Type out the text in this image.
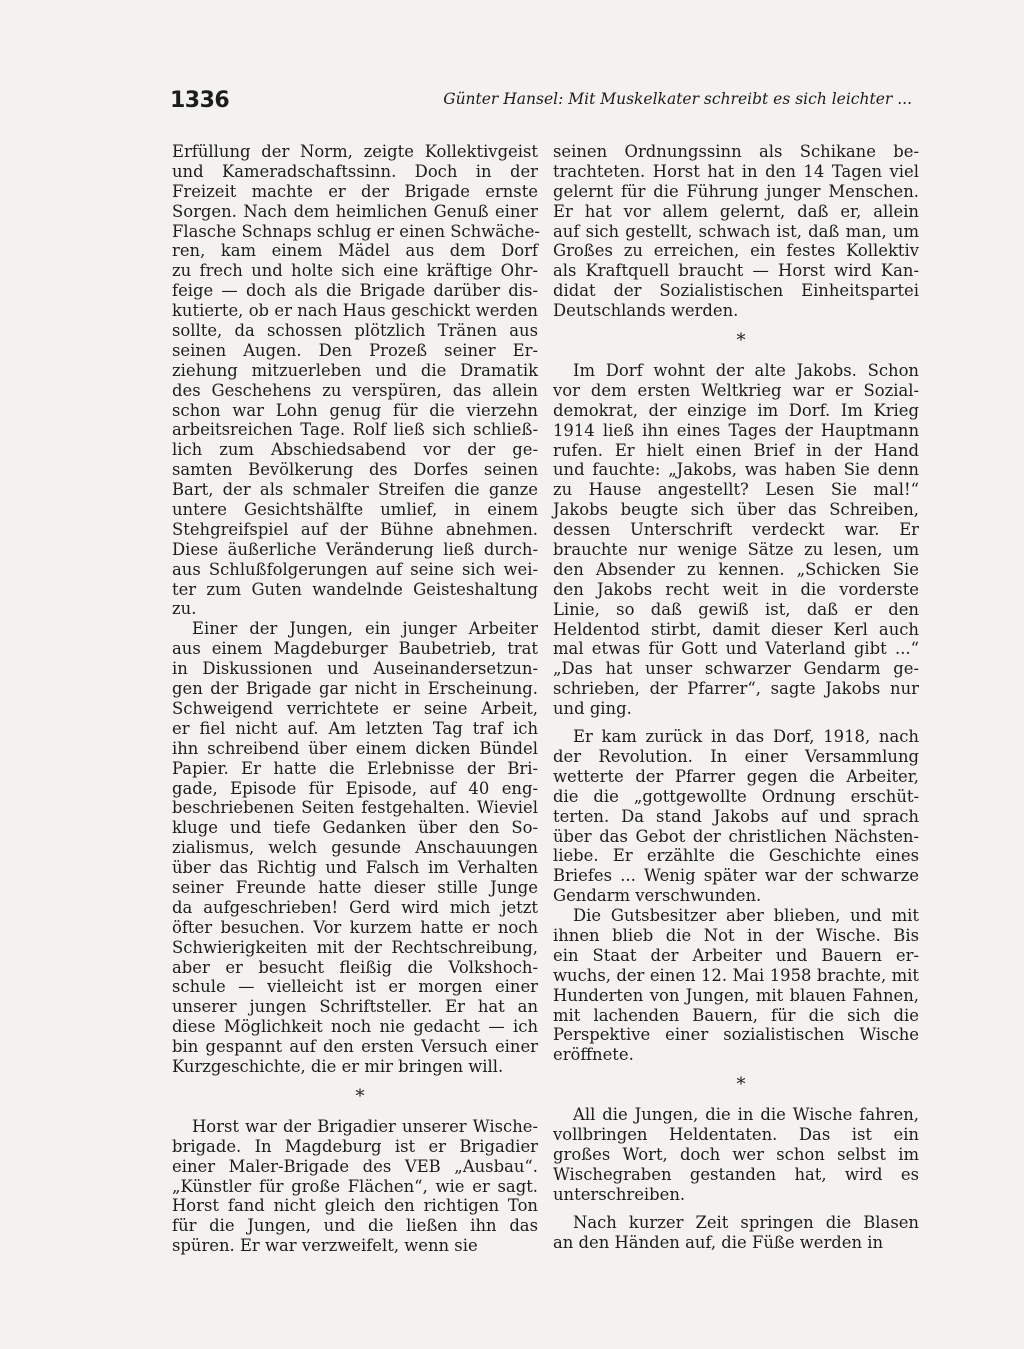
1336	Günter Hansel: Mit Muskelkater schreibt es sich leichter ...

Erfüllung der Norm, zeigte Kollektivgeist
und Kameradschaftssinn. Doch in der
Freizeit machte er der Brigade ernste
Sorgen. Nach dem heimlichen Genuß einer
Flasche Schnaps schlug er einen Schwäche-
ren, kam einem Mädel aus dem Dorf
zu frech und holte sich eine kräftige Ohr-
feige — doch als die Brigade darüber dis-
kutierte, ob er nach Haus geschickt werden
sollte, da schossen plötzlich Tränen aus
seinen Augen. Den Prozeß seiner Er-
ziehung mitzuerleben und die Dramatik
des Geschehens zu verspüren, das allein
schon war Lohn genug für die vierzehn
arbeitsreichen Tage. Rolf ließ sich schließ-
lich zum Abschiedsabend vor der ge-
samten Bevölkerung des Dorfes seinen
Bart, der als schmaler Streifen die ganze
untere Gesichtshälfte umlief, in einem
Stehgreifspiel auf der Bühne abnehmen.
Diese äußerliche Veränderung ließ durch-
aus Schlußfolgerungen auf seine sich wei-
ter zum Guten wandelnde Geisteshaltung
zu.

Einer der Jungen, ein junger Arbeiter
aus einem Magdeburger Baubetrieb, trat
in Diskussionen und Auseinandersetzun-
gen der Brigade gar nicht in Erscheinung.
Schweigend verrichtete er seine Arbeit,
er fiel nicht auf. Am letzten Tag traf ich
ihn schreibend über einem dicken Bündel
Papier. Er hatte die Erlebnisse der Bri-
gade, Episode für Episode, auf 40 eng-
beschriebenen Seiten festgehalten. Wieviel
kluge und tiefe Gedanken über den So-
zialismus, welch gesunde Anschauungen
über das Richtig und Falsch im Verhalten
seiner Freunde hatte dieser stille Junge
da aufgeschrieben! Gerd wird mich jetzt
öfter besuchen. Vor kurzem hatte er noch
Schwierigkeiten mit der Rechtschreibung,
aber er besucht fleißig die Volkshoch-
schule — vielleicht ist er morgen einer
unserer jungen Schriftsteller. Er hat an
diese Möglichkeit noch nie gedacht — ich
bin gespannt auf den ersten Versuch einer
Kurzgeschichte, die er mir bringen will.

*

Horst war der Brigadier unserer Wische-
brigade. In Magdeburg ist er Brigadier
einer Maler-Brigade des VEB „Ausbau“.
„Künstler für große Flächen“, wie er sagt.
Horst fand nicht gleich den richtigen Ton
für die Jungen, und die ließen ihn das
spüren. Er war verzweifelt, wenn sie

seinen Ordnungssinn als Schikane be-
trachteten. Horst hat in den 14 Tagen viel
gelernt für die Führung junger Menschen.
Er hat vor allem gelernt, daß er, allein
auf sich gestellt, schwach ist, daß man, um
Großes zu erreichen, ein festes Kollektiv
als Kraftquell braucht — Horst wird Kan-
didat der Sozialistischen Einheitspartei
Deutschlands werden.

*

Im Dorf wohnt der alte Jakobs. Schon
vor dem ersten Weltkrieg war er Sozial-
demokrat, der einzige im Dorf. Im Krieg
1914 ließ ihn eines Tages der Hauptmann
rufen. Er hielt einen Brief in der Hand
und fauchte: „Jakobs, was haben Sie denn
zu Hause angestellt? Lesen Sie mal!“
Jakobs beugte sich über das Schreiben,
dessen Unterschrift verdeckt war. Er
brauchte nur wenige Sätze zu lesen, um
den Absender zu kennen. „Schicken Sie
den Jakobs recht weit in die vorderste
Linie, so daß gewiß ist, daß er den
Heldentod stirbt, damit dieser Kerl auch
mal etwas für Gott und Vaterland gibt ...“
„Das hat unser schwarzer Gendarm ge-
schrieben, der Pfarrer“, sagte Jakobs nur
und ging.

Er kam zurück in das Dorf, 1918, nach
der Revolution. In einer Versammlung
wetterte der Pfarrer gegen die Arbeiter,
die die „gottgewollte Ordnung erschüt-
terten. Da stand Jakobs auf und sprach
über das Gebot der christlichen Nächsten-
liebe. Er erzählte die Geschichte eines
Briefes ... Wenig später war der schwarze
Gendarm verschwunden.

Die Gutsbesitzer aber blieben, und mit
ihnen blieb die Not in der Wische. Bis
ein Staat der Arbeiter und Bauern er-
wuchs, der einen 12. Mai 1958 brachte, mit
Hunderten von Jungen, mit blauen Fahnen,
mit lachenden Bauern, für die sich die
Perspektive einer sozialistischen Wische
eröffnete.

*

All die Jungen, die in die Wische fahren,
vollbringen Heldentaten. Das ist ein
großes Wort, doch wer schon selbst im
Wischegraben gestanden hat, wird es
unterschreiben.

Nach kurzer Zeit springen die Blasen
an den Händen auf, die Füße werden in
